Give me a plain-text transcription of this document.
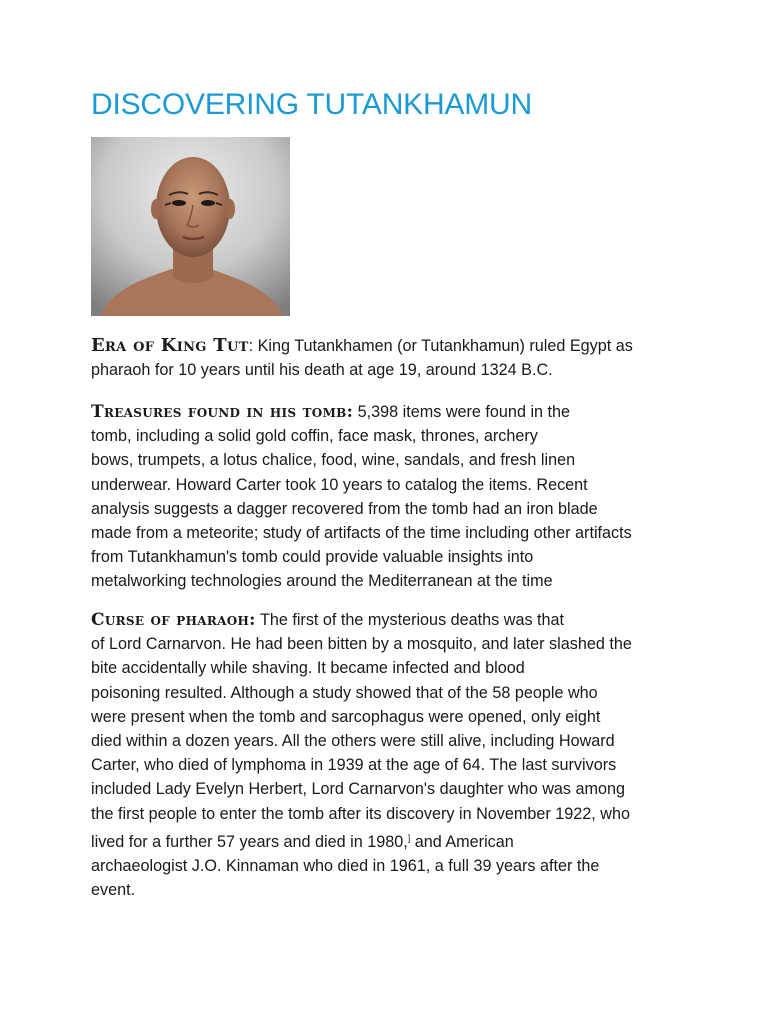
DISCOVERING TUTANKHAMUN
· · · · · · · · · · · · · · · · · · · · · · · · · · · ·

Era of King Tut: King Tutankhamen (or Tutankhamun) ruled Egypt as
pharaoh for 10 years until his death at age 19, around 1324 B.C.

Treasures found in his tomb: 5,398 items were found in the
tomb, including a solid gold coffin, face mask, thrones, archery
bows, trumpets, a lotus chalice, food, wine, sandals, and fresh linen
underwear. Howard Carter took 10 years to catalog the items. Recent
analysis suggests a dagger recovered from the tomb had an iron blade
made from a meteorite; study of artifacts of the time including other artifacts
from Tutankhamun's tomb could provide valuable insights into
metalworking technologies around the Mediterranean at the time

Curse of pharaoh: The first of the mysterious deaths was that
of Lord Carnarvon. He had been bitten by a mosquito, and later slashed the
bite accidentally while shaving. It became infected and blood
poisoning resulted. Although a study showed that of the 58 people who
were present when the tomb and sarcophagus were opened, only eight
died within a dozen years. All the others were still alive, including Howard
Carter, who died of lymphoma in 1939 at the age of 64. The last survivors
included Lady Evelyn Herbert, Lord Carnarvon's daughter who was among
the first people to enter the tomb after its discovery in November 1922, who
lived for a further 57 years and died in 1980,] and American
archaeologist J.O. Kinnaman who died in 1961, a full 39 years after the
event.
